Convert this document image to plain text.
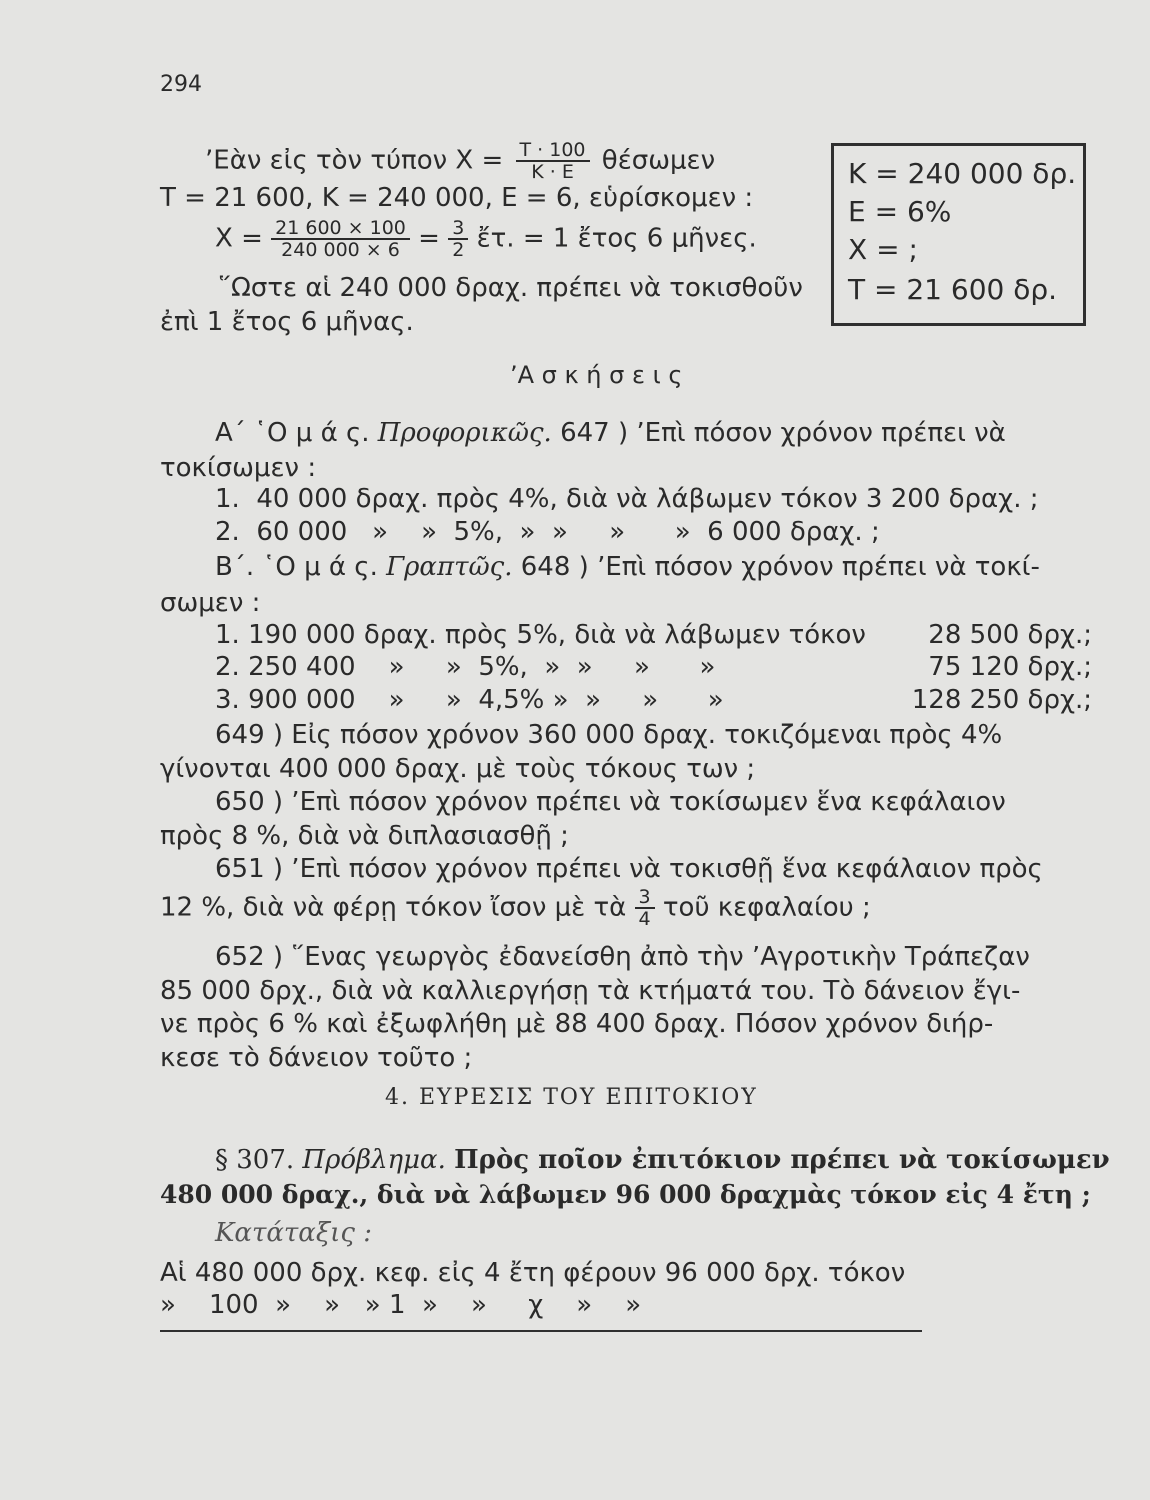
294
’Εὰν εἰς τὸν τύπον $X = \frac{T \cdot 100}{K \cdot E}$ θέσωμεν
Τ = 21 600, Κ = 240 000, Ε = 6, εὑρίσκομεν :
$X = \frac{21 600 \times 100}{240 000 \times 6} = \frac{3}{2}$ ἔτ. = 1 ἔτος 6 μῆνες.
῞Ωστε αἱ 240 000 δραχ. πρέπει νὰ τοκισθοῦν
ἐπὶ 1 ἔτος 6 μῆνας.
Κ = 240 000 δρ.
Ε = 6%
Χ = ;
Τ = 21 600 δρ.
’Α σ κ ή σ ε ι ς
Α΄ ῾Ο μ ά ς. Προφορικῶς. 647 ) ’Επὶ πόσον χρόνον πρέπει νὰ
τοκίσωμεν :
1.  40 000 δραχ. πρὸς 4%, διὰ νὰ λάβωμεν τόκον 3 200 δραχ. ;
2.  60 000   »    »  5%,  »  »     »      »  6 000 δραχ. ;
Β΄. ῾Ο μ ά ς. Γραπτῶς. 648 ) ’Επὶ πόσον χρόνον πρέπει νὰ τοκί-
σωμεν :
1. 190 000 δραχ. πρὸς 5%, διὰ νὰ λάβωμεν τόκον
2. 250 400    »     »  5%,  »  »     »      »
3. 900 000    »     »  4,5% »  »     »      »
28 500 δρχ.;
75 120 δρχ.;
128 250 δρχ.;
649 ) Εἰς πόσον χρόνον 360 000 δραχ. τοκιζόμεναι πρὸς 4%
γίνονται 400 000 δραχ. μὲ τοὺς τόκους των ;
650 ) ’Επὶ πόσον χρόνον πρέπει νὰ τοκίσωμεν ἕνα κεφάλαιον
πρὸς 8 %, διὰ νὰ διπλασιασθῇ ;
651 ) ’Επὶ πόσον χρόνον πρέπει νὰ τοκισθῇ ἕνα κεφάλαιον πρὸς
12 %, διὰ νὰ φέρῃ τόκον ἴσον μὲ τὰ $\frac{3}{4}$ τοῦ κεφαλαίου ;
652 ) ῞Ενας γεωργὸς ἐδανείσθη ἀπὸ τὴν ’Αγροτικὴν Τράπεζαν
85 000 δρχ., διὰ νὰ καλλιεργήσῃ τὰ κτήματά του. Τὸ δάνειον ἔγι-
νε πρὸς 6 % καὶ ἐξωφλήθη μὲ 88 400 δραχ. Πόσον χρόνον διήρ-
κεσε τὸ δάνειον τοῦτο ;
4. ΕΥΡΕΣΙΣ ΤΟΥ ΕΠΙΤΟΚΙΟΥ
§ 307. Πρόβλημα. Πρὸς ποῖον ἐπιτόκιον πρέπει νὰ τοκίσωμεν
480 000 δραχ., διὰ νὰ λάβωμεν 96 000 δραχμὰς τόκον εἰς 4 ἔτη ;
Κατάταξις :
Αἱ 480 000 δρχ. κεφ. εἰς 4 ἔτη φέρουν 96 000 δρχ. τόκον
»    100  »    »   » 1  »    »     χ    »    »
